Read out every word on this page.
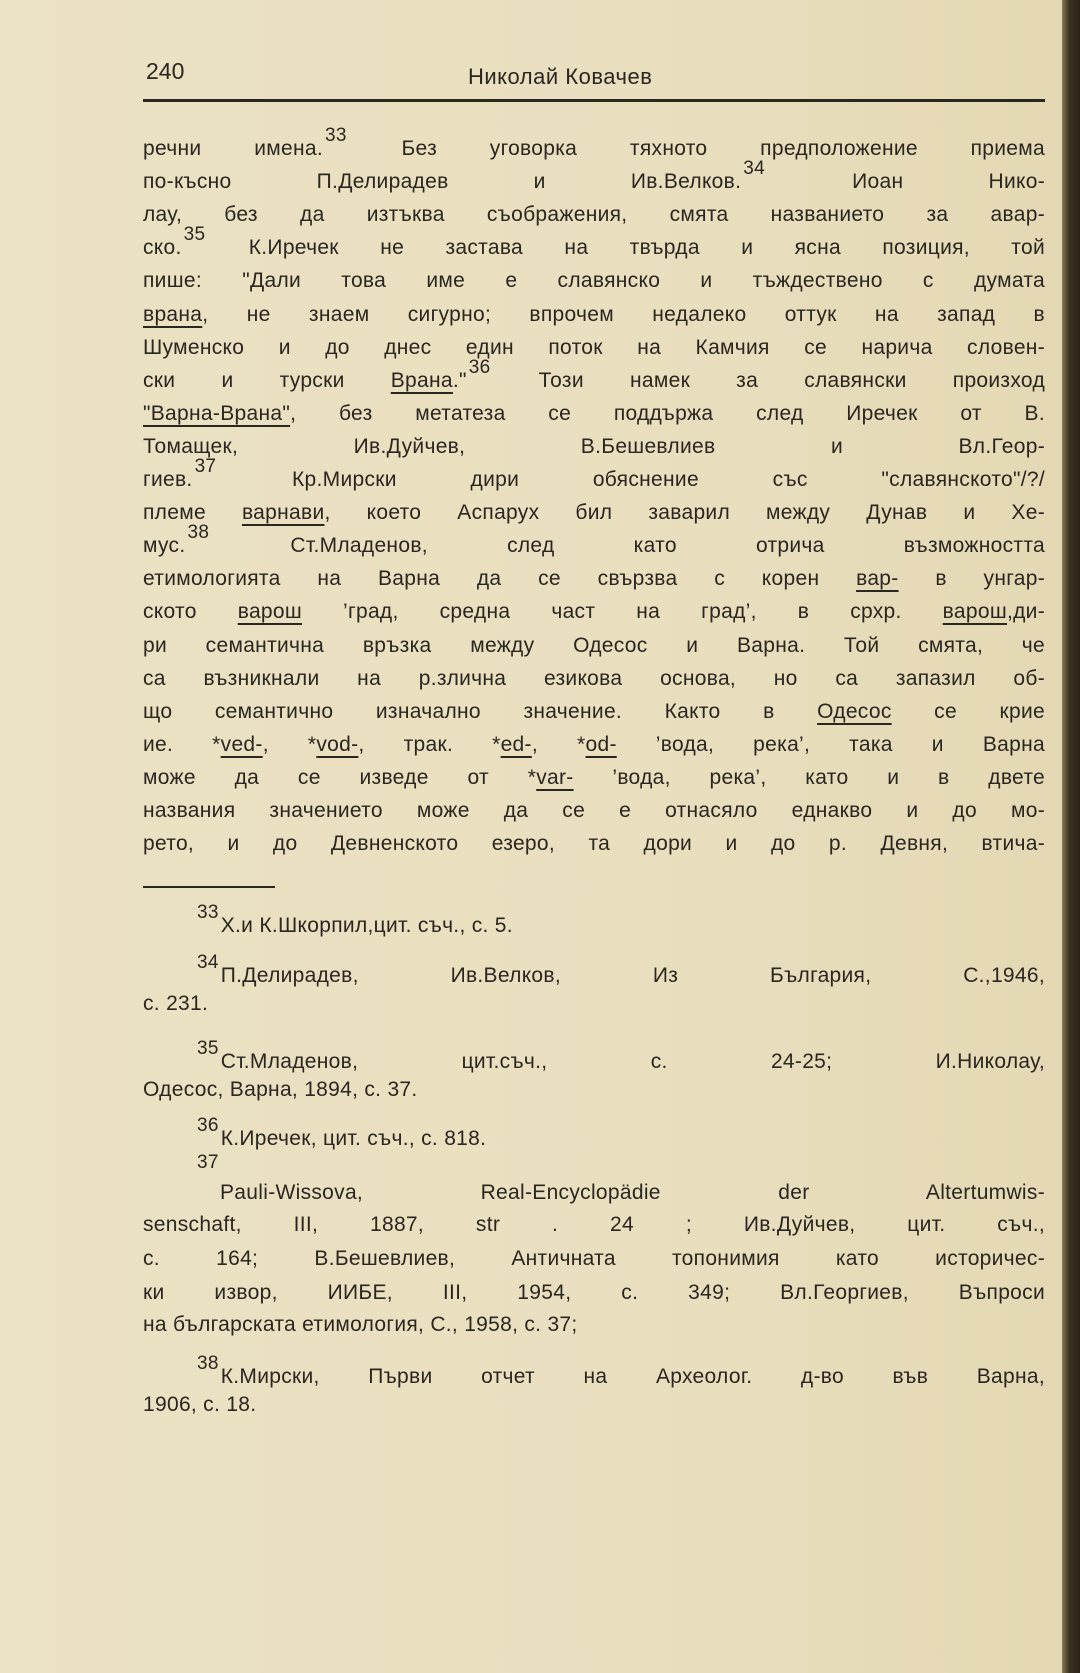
240	Николай Ковачев
речни имена.33 Без уговорка тяхното предположение приема
по-късно П.Делирадев и Ив.Велков.34 Иоан Нико-
лау, без да изтъква съображения, смята названието за авар-
ско.35 К.Иречек не застава на твърда и ясна позиция, той
пише: "Дали това име е славянско и тъждествено с думата
врана, не знаем сигурно; впрочем недалеко оттук на запад в
Шуменско и до днес един поток на Камчия се нарича словен-
ски и турски Врана."36 Този намек за славянски произход
"Варна-Врана", без метатеза се поддържа след Иречек от В.
Томащек, Ив.Дуйчев, В.Бешевлиев и Вл.Геор-
гиев.37 Кр.Мирски дири обяснение със "славянското"/?/
племе варнави, което Аспарух бил заварил между Дунав и Хе-
мус.38 Ст.Младенов, след като отрича възможността
етимологията на Варна да се свързва с корен вар- в унгар-
ското варош ’град, средна част на град’, в срхр. варош,ди-
ри семантична връзка между Одесос и Варна. Той смята, че
са възникнали на р.злична езикова основа, но са запазил об-
що семантично изначално значение. Както в Одесос се крие
ие. *ved-, *vod-, трак. *ed-, *od- ’вода, река’, така и Варна
може да се изведе от *var- ’вода, река’, като и в двете
названия значението може да се е отнасяло еднакво и до мо-
рето, и до Девненското езеро, та дори и до р. Девня, втича-
33Х.и К.Шкорпил,цит. съч., с. 5.
34П.Делирадев, Ив.Велков, Из България, С.,1946,
с. 231.
35Ст.Младенов, цит.съч., с. 24-25; И.Николау,
Одесос, Варна, 1894, с. 37.
36К.Иречек, цит. съч., с. 818.
37
Pauli-Wissova, Real-Encyclopädie der Altertumwis-
senschaft, III, 1887, str . 24 ; Ив.Дуйчев, цит. съч.,
с. 164; В.Бешевлиев, Античната топонимия като историчес-
ки извор, ИИБЕ, III, 1954, с. 349; Вл.Георгиев, Въпроси
на българската етимология, С., 1958, с. 37;
38К.Мирски, Първи отчет на Археолог. д-во във Варна,
1906, с. 18.
